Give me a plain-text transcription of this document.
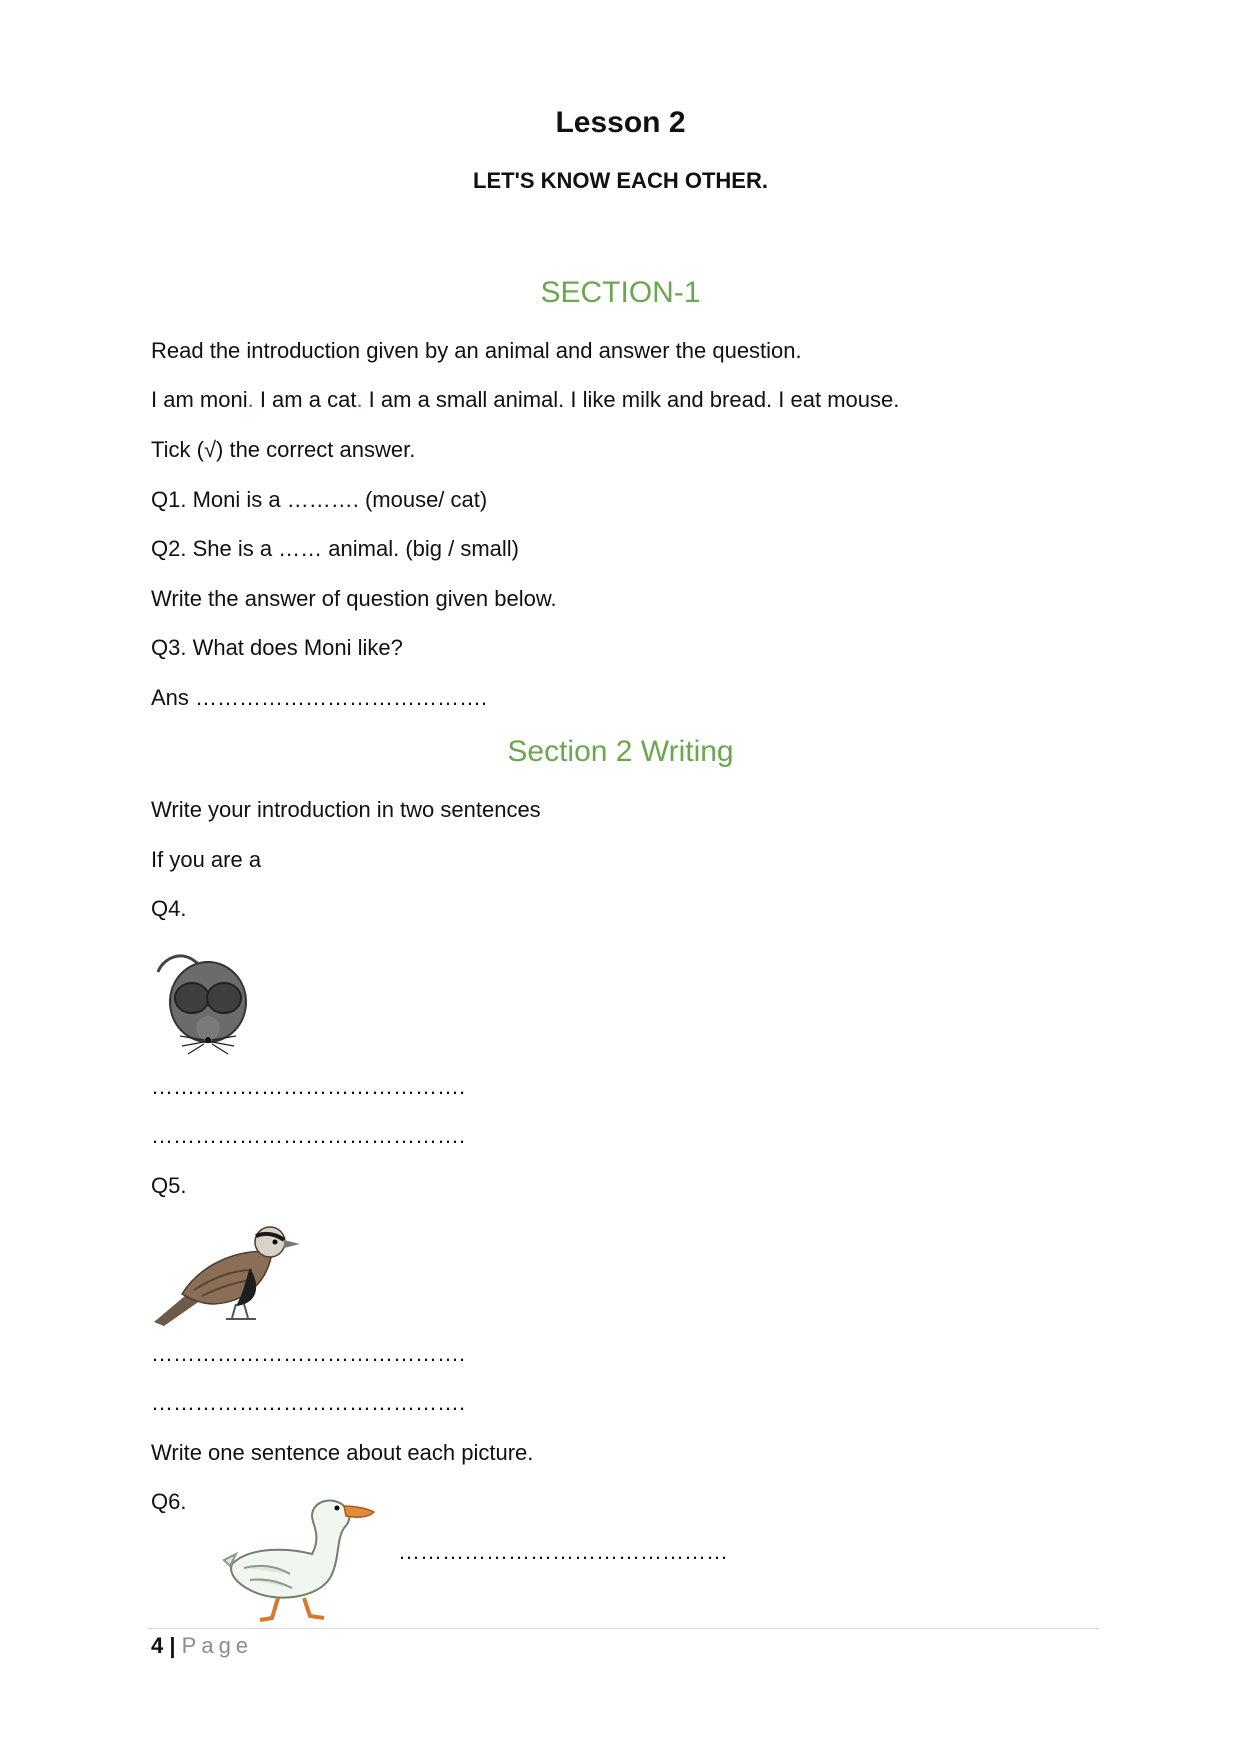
Lesson 2
LET'S KNOW EACH OTHER.
SECTION-1
Read the introduction given by an animal and answer the question.
I am moni. I am a cat. I am a small animal. I like milk and bread. I eat mouse.
Tick (√) the correct answer.
Q1. Moni is a ………. (mouse/ cat)
Q2. She is a …… animal. (big / small)
Write the answer of question given below.
Q3. What does Moni like?
Ans ………………………………….
Section 2 Writing
Write your introduction in two sentences
If you are a
Q4.
…………………………………….
…………………………………….
Q5.
…………………………………….
…………………………………….
Write one sentence about each picture.
Q6.
………………………………………
4 | Page
